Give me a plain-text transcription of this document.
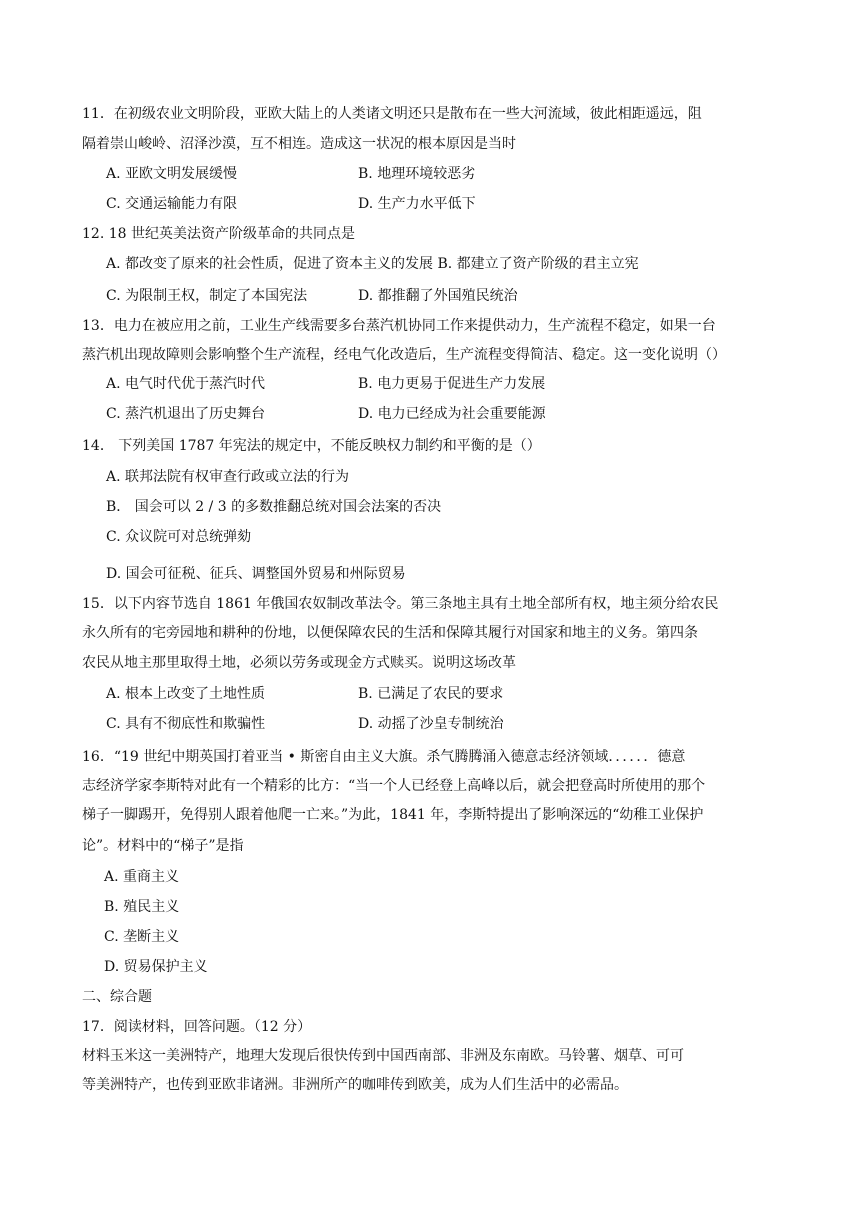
11．在初级农业文明阶段，亚欧大陆上的人类诸文明还只是散布在一些大河流域，彼此相距遥远，阻
隔着崇山峻岭、沼泽沙漠，互不相连。造成这一状况的根本原因是当时
A. 亚欧文明发展缓慢	B. 地理环境较恶劣
C. 交通运输能力有限	D. 生产力水平低下
12. 18 世纪英美法资产阶级革命的共同点是
A. 都改变了原来的社会性质，促进了资本主义的发展 B. 都建立了资产阶级的君主立宪
C. 为限制王权，制定了本国宪法	D. 都推翻了外国殖民统治
13．电力在被应用之前，工业生产线需要多台蒸汽机协同工作来提供动力，生产流程不稳定，如果一台
蒸汽机出现故障则会影响整个生产流程，经电气化改造后，生产流程变得简洁、稳定。这一变化说明（）
A. 电气时代优于蒸汽时代	B. 电力更易于促进生产力发展
C. 蒸汽机退出了历史舞台	D. 电力已经成为社会重要能源
14． 下列美国 1787 年宪法的规定中，不能反映权力制约和平衡的是（）
A. 联邦法院有权审查行政或立法的行为
B． 国会可以 2 / 3 的多数推翻总统对国会法案的否决
C. 众议院可对总统弹劾
D. 国会可征税、征兵、调整国外贸易和州际贸易
15．以下内容节选自 1861 年俄国农奴制改革法令。第三条地主具有土地全部所有权，地主须分给农民
永久所有的宅旁园地和耕种的份地，以便保障农民的生活和保障其履行对国家和地主的义务。第四条
农民从地主那里取得土地，必须以劳务或现金方式赎买。说明这场改革
A. 根本上改变了土地性质	B. 已满足了农民的要求
C. 具有不彻底性和欺骗性	D. 动摇了沙皇专制统治
16．“19 世纪中期英国打着亚当 • 斯密自由主义大旗。杀气腾腾涌入德意志经济领域．．．．．．德意
志经济学家李斯特对此有一个精彩的比方：“当一个人已经登上高峰以后，就会把登高时所使用的那个
梯子一脚踢开，免得别人跟着他爬一亡来。”为此，1841 年，李斯特提出了影响深远的“幼稚工业保护
论”。材料中的“梯子”是指
A. 重商主义
B. 殖民主义
C. 垄断主义
D. 贸易保护主义
二、综合题
17．阅读材料，回答问题。（12 分）
材料玉米这一美洲特产，地理大发现后很快传到中国西南部、非洲及东南欧。马铃薯、烟草、可可
等美洲特产，也传到亚欧非诸洲。非洲所产的咖啡传到欧美，成为人们生活中的必需品。
